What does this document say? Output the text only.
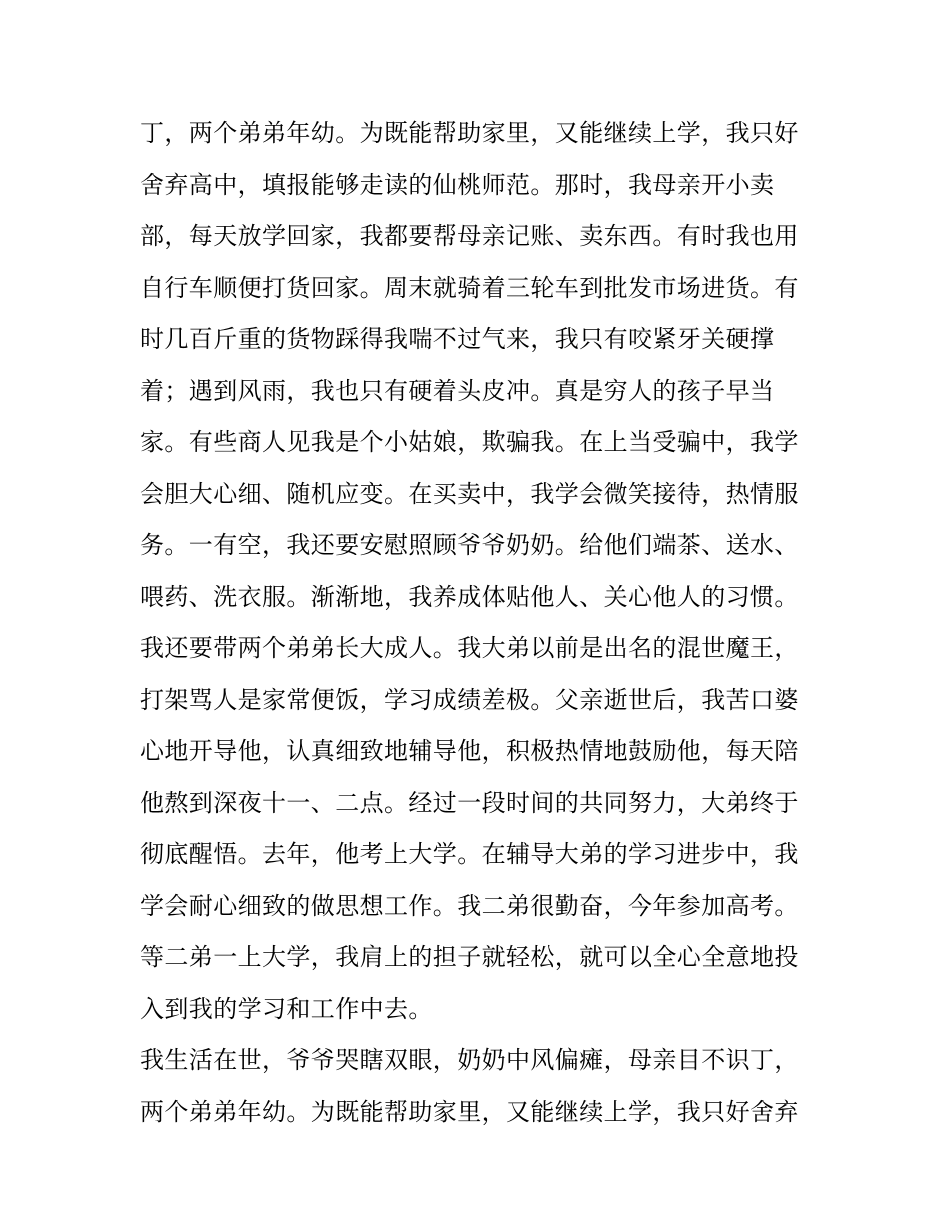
丁，两个弟弟年幼。为既能帮助家里，又能继续上学，我只好
舍弃高中，填报能够走读的仙桃师范。那时，我母亲开小卖
部，每天放学回家，我都要帮母亲记账、卖东西。有时我也用
自行车顺便打货回家。周末就骑着三轮车到批发市场进货。有
时几百斤重的货物踩得我喘不过气来，我只有咬紧牙关硬撑
着；遇到风雨，我也只有硬着头皮冲。真是穷人的孩子早当
家。有些商人见我是个小姑娘，欺骗我。在上当受骗中，我学
会胆大心细、随机应变。在买卖中，我学会微笑接待，热情服
务。一有空，我还要安慰照顾爷爷奶奶。给他们端茶、送水、
喂药、洗衣服。渐渐地，我养成体贴他人、关心他人的习惯。
我还要带两个弟弟长大成人。我大弟以前是出名的混世魔王，
打架骂人是家常便饭，学习成绩差极。父亲逝世后，我苦口婆
心地开导他，认真细致地辅导他，积极热情地鼓励他，每天陪
他熬到深夜十一、二点。经过一段时间的共同努力，大弟终于
彻底醒悟。去年，他考上大学。在辅导大弟的学习进步中，我
学会耐心细致的做思想工作。我二弟很勤奋，今年参加高考。
等二弟一上大学，我肩上的担子就轻松，就可以全心全意地投
入到我的学习和工作中去。
我生活在世，爷爷哭瞎双眼，奶奶中风偏瘫，母亲目不识丁，
两个弟弟年幼。为既能帮助家里，又能继续上学，我只好舍弃
